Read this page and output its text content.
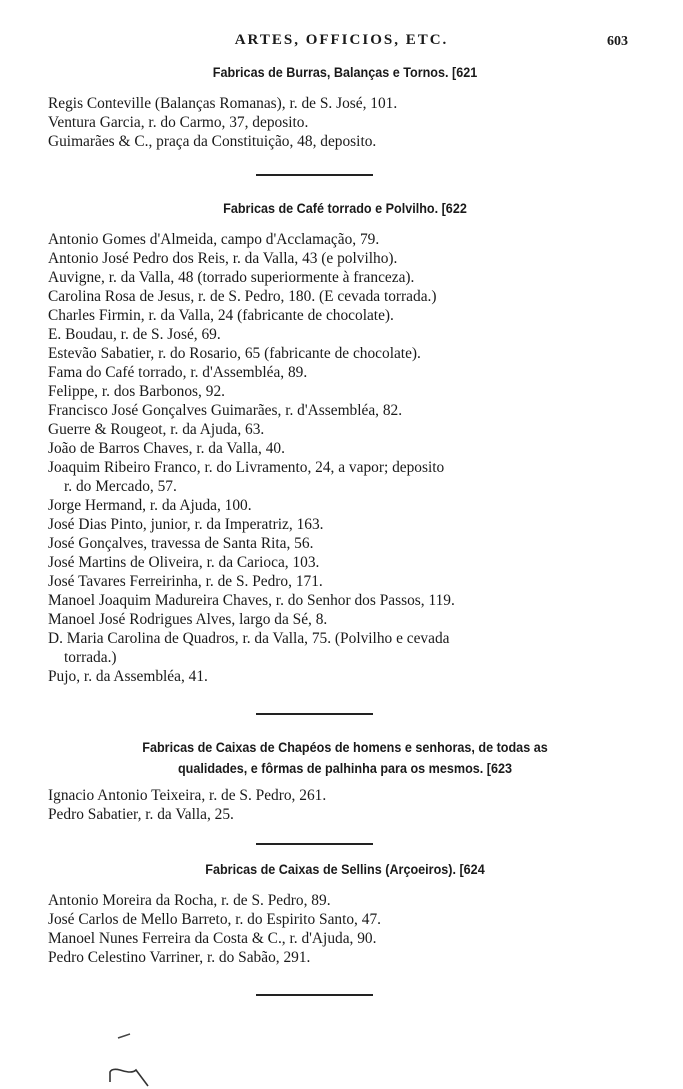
ARTES, OFFICIOS, ETC.	603
Fabricas de Burras, Balanças e Tornos. [621
Regis Conteville (Balanças Romanas), r. de S. José, 101.
Ventura Garcia, r. do Carmo, 37, deposito.
Guimarães & C., praça da Constituição, 48, deposito.
Fabricas de Café torrado e Polvilho. [622
Antonio Gomes d'Almeida, campo d'Acclamação, 79.
Antonio José Pedro dos Reis, r. da Valla, 43 (e polvilho).
Auvigne, r. da Valla, 48 (torrado superiormente à franceza).
Carolina Rosa de Jesus, r. de S. Pedro, 180. (E cevada torrada.)
Charles Firmin, r. da Valla, 24 (fabricante de chocolate).
E. Boudau, r. de S. José, 69.
Estevão Sabatier, r. do Rosario, 65 (fabricante de chocolate).
Fama do Café torrado, r. d'Assembléa, 89.
Felippe, r. dos Barbonos, 92.
Francisco José Gonçalves Guimarães, r. d'Assembléa, 82.
Guerre & Rougeot, r. da Ajuda, 63.
João de Barros Chaves, r. da Valla, 40.
Joaquim Ribeiro Franco, r. do Livramento, 24, a vapor; deposito
r. do Mercado, 57.
Jorge Hermand, r. da Ajuda, 100.
José Dias Pinto, junior, r. da Imperatriz, 163.
José Gonçalves, travessa de Santa Rita, 56.
José Martins de Oliveira, r. da Carioca, 103.
José Tavares Ferreirinha, r. de S. Pedro, 171.
Manoel Joaquim Madureira Chaves, r. do Senhor dos Passos, 119.
Manoel José Rodrigues Alves, largo da Sé, 8.
D. Maria Carolina de Quadros, r. da Valla, 75. (Polvilho e cevada
torrada.)
Pujo, r. da Assembléa, 41.
Fabricas de Caixas de Chapéos de homens e senhoras, de todas as
qualidades, e fôrmas de palhinha para os mesmos. [623
Ignacio Antonio Teixeira, r. de S. Pedro, 261.
Pedro Sabatier, r. da Valla, 25.
Fabricas de Caixas de Sellins (Arçoeiros). [624
Antonio Moreira da Rocha, r. de S. Pedro, 89.
José Carlos de Mello Barreto, r. do Espirito Santo, 47.
Manoel Nunes Ferreira da Costa & C., r. d'Ajuda, 90.
Pedro Celestino Varriner, r. do Sabão, 291.
